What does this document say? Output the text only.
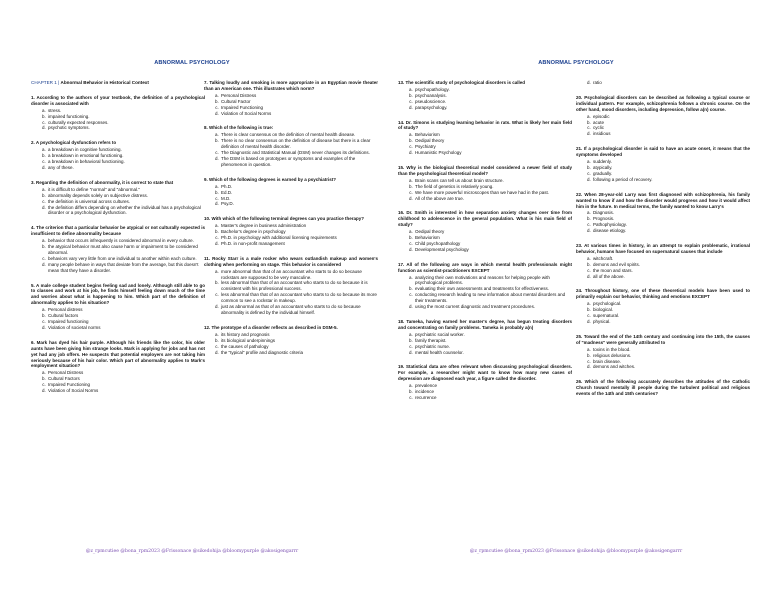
ABNORMAL PSYCHOLOGY
CHAPTER 1 | Abnormal Behavior in Historical Context
1. According to the authors of your textbook, the definition of a psychological disorder is associated with
a. stress.
b. impaired functioning.
c. culturally expected responses.
d. psychotic symptoms.
2. A psychological dysfunction refers to
a. a breakdown in cognitive functioning.
b. a breakdown in emotional functioning.
c. a breakdown in behavioral functioning.
d. any of these.
3. Regarding the definition of abnormality, it is correct to state that
a. it is difficult to define "normal" and "abnormal."
b. abnormality depends solely on subjective distress.
c. the definition is universal across cultures.
d. the definition differs depending on whether the individual has a psychological disorder or a psychological dysfunction.
4. The criterion that a particular behavior be atypical or not culturally expected is insufficient to define abnormality because
a. behavior that occurs infrequently is considered abnormal in every culture.
b. the atypical behavior must also cause harm or impairment to be considered abnormal.
c. behaviors vary very little from one individual to another within each culture.
d. many people behave in ways that deviate from the average, but this doesn't mean that they have a disorder.
5. A male college student begins feeling sad and lonely. Although still able to go to classes and work at his job, he finds himself feeling down much of the time and worries about what is happening to him. Which part of the definition of abnormality applies to his situation?
a. Personal distress
b. Cultural factors
c. Impaired functioning
d. Violation of societal norms
6. Mark has dyed his hair purple. Although his friends like the color, his older aunts have been giving him strange looks. Mark is applying for jobs and has not yet had any job offers. He suspects that potential employers are not taking him seriously because of his hair color. Which part of abnormality applies to Mark's employment situation?
a. Personal Distress
b. Cultural Factors
c. Impaired Functioning
d. Violation of Social Norms
7. Talking loudly and smoking is more appropriate in an Egyptian movie theater than an American one. This illustrates which norm?
a. Personal Distress
b. Cultural Factor
c. Impaired Functioning
d. Violation of Social Norms
8. Which of the following is true:
a. There is clear consensus on the definition of mental health disease.
b. There is no clear consensus on the definition of disease but there is a clear definition of mental health disorder.
c. The Diagnostic and Statistical Manual (DSM) never changes its definitions.
d. The DSM is based on prototypes or symptoms and examples of the phenomenon in question.
9. Which of the following degrees is earned by a psychiatrist?
a. Ph.D.
b. Ed.D.
c. M.D.
d. Psy.D.
10. With which of the following terminal degrees can you practice therapy?
a. Master's degree in business administration
b. Bachelor's degree in psychology
c. Ph.D. in psychology with additional licensing requirements
d. Ph.D. in non-profit management
11. Rocky Starr is a male rocker who wears outlandish makeup and women's clothing when performing on stage. This behavior is considered
a. more abnormal than that of an accountant who starts to do so because rockstars are supposed to be very masculine.
b. less abnormal than that of an accountant who starts to do so because it is consistent with his professional success.
c. less abnormal than that of an accountant who starts to do so because its more common to see a rockstar in makeup.
d. just as abnormal as that of an accountant who starts to do so because abnormality is defined by the individual himself.
12. The prototype of a disorder reflects as described in DSM-5.
a. its history and prognosis
b. its biological underpinnings
c. the causes of pathology
d. the "typical" profile and diagnostic criteria
@z_rpmcutiee @bona_rpm2023 @Frissonace @sikedohija @bloomypurple @akosigengarrr
ABNORMAL PSYCHOLOGY
13. The scientific study of psychological disorders is called
a. psychopathology.
b. psychoanalysis.
c. pseudoscience.
d. parapsychology.
14. Dr. Simons is studying learning behavior in rats. What is likely her main field of study?
a. Behaviorism
b. Oedipal theory
c. Psychiatry
d. Humanistic Psychology
15. Why is the biological theoretical model considered a newer field of study than the psychological theoretical model?
a. Brain scans can tell us about brain structure.
b. The field of genetics is relatively young.
c. We have more powerful microscopes than we have had in the past.
d. All of the above are true.
16. Dr. Smith is interested in how separation anxiety changes over time from childhood to adolescence in the general population. What is his main field of study?
a. Oedipal theory
b. Behaviorism
c. Child psychopathology
d. Developmental psychology
17. All of the following are ways in which mental health professionals might function as scientist-practitioners EXCEPT
a. analyzing their own motivations and reasons for helping people with psychological problems.
b. evaluating their own assessments and treatments for effectiveness.
c. conducting research leading to new information about mental disorders and their treatments.
d. using the most current diagnostic and treatment procedures.
18. Tameka, having earned her master's degree, has begun treating disorders and concentrating on family problems. Tameka is probably a(n)
a. psychiatric social worker.
b. family therapist.
c. psychiatric nurse.
d. mental health counselor.
19. Statistical data are often relevant when discussing psychological disorders. For example, a researcher might want to know how many new cases of depression are diagnosed each year, a figure called the disorder.
a. prevalence
b. incidence
c. recurrence
d. ratio
20. Psychological disorders can be described as following a typical course or individual pattern. For example, schizophrenia follows a chronic course. On the other hand, mood disorders, including depression, follow a(n) course.
a. episodic
b. acute
c. cyclic
d. insidious
21. If a psychological disorder is said to have an acute onset, it means that the symptoms developed
a. suddenly.
b. atypically.
c. gradually.
d. following a period of recovery.
22. When 28-year-old Larry was first diagnosed with schizophrenia, his family wanted to know if and how the disorder would progress and how it would affect him in the future. In medical terms, the family wanted to know Larry's
a. Diagnosis.
b. Prognosis.
c. Pathophysiology.
d. disease etiology.
23. At various times in history, in an attempt to explain problematic, irrational behavior, humans have focused on supernatural causes that include
a. witchcraft.
b. demons and evil spirits.
c. the moon and stars.
d. all of the above.
24. Throughout history, one of these theoretical models have been used to primarily explain our behavior, thinking and emotions EXCEPT
a. psychological.
b. biological.
c. supernatural.
d. physical.
25. Toward the end of the 14th century and continuing into the 15th, the causes of "madness" were generally attributed to
a. toxins in the blood.
b. religious delusions.
c. brain disease.
d. demons and witches.
26. Which of the following accurately describes the attitudes of the Catholic Church toward mentally ill people during the turbulent political and religious events of the 14th and 15th centuries?
@z_rpmcutiee @bona_rpm2023 @Frissonace @sikedohija @bloomypurple @akosigengarrr
